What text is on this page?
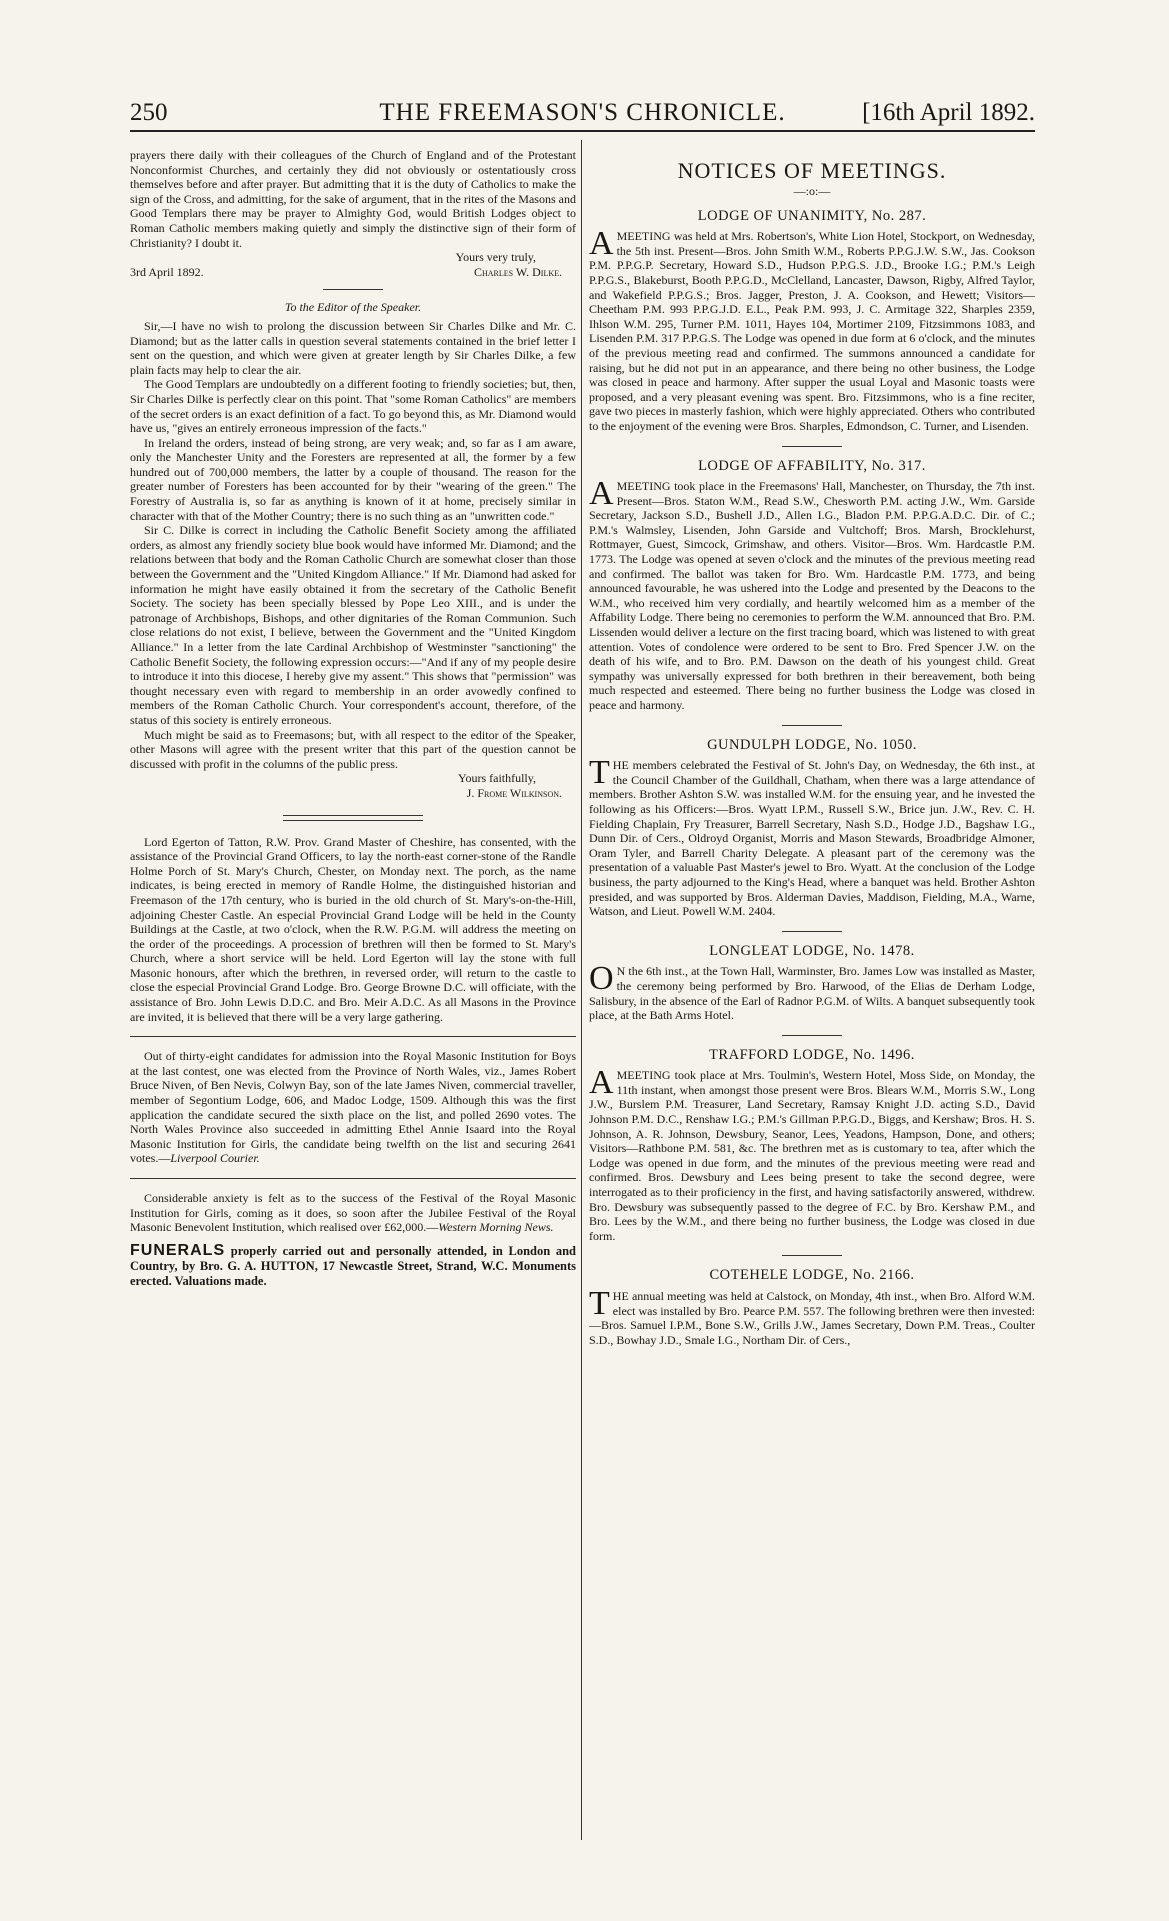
250	THE FREEMASON'S CHRONICLE.	[16th April 1892.

prayers there daily with their colleagues of the Church of England and of the Protestant Nonconformist Churches, and certainly they did not obviously or ostentatiously cross themselves before and after prayer. But admitting that it is the duty of Catholics to make the sign of the Cross, and admitting, for the sake of argument, that in the rites of the Masons and Good Templars there may be prayer to Almighty God, would British Lodges object to Roman Catholic members making quietly and simply the distinctive sign of their form of Christianity? I doubt it.

Yours very truly,

3rd April 1892.	Charles W. Dilke.

To the Editor of the Speaker.

Sir,—I have no wish to prolong the discussion between Sir Charles Dilke and Mr. C. Diamond; but as the latter calls in question several statements contained in the brief letter I sent on the question, and which were given at greater length by Sir Charles Dilke, a few plain facts may help to clear the air.

The Good Templars are undoubtedly on a different footing to friendly societies; but, then, Sir Charles Dilke is perfectly clear on this point. That "some Roman Catholics" are members of the secret orders is an exact definition of a fact. To go beyond this, as Mr. Diamond would have us, "gives an entirely erroneous impression of the facts."

In Ireland the orders, instead of being strong, are very weak; and, so far as I am aware, only the Manchester Unity and the Foresters are represented at all, the former by a few hundred out of 700,000 members, the latter by a couple of thousand. The reason for the greater number of Foresters has been accounted for by their "wearing of the green." The Forestry of Australia is, so far as anything is known of it at home, precisely similar in character with that of the Mother Country; there is no such thing as an "unwritten code."

Sir C. Dilke is correct in including the Catholic Benefit Society among the affiliated orders, as almost any friendly society blue book would have informed Mr. Diamond; and the relations between that body and the Roman Catholic Church are somewhat closer than those between the Government and the "United Kingdom Alliance." If Mr. Diamond had asked for information he might have easily obtained it from the secretary of the Catholic Benefit Society. The society has been specially blessed by Pope Leo XIII., and is under the patronage of Archbishops, Bishops, and other dignitaries of the Roman Communion. Such close relations do not exist, I believe, between the Government and the "United Kingdom Alliance." In a letter from the late Cardinal Archbishop of Westminster "sanctioning" the Catholic Benefit Society, the following expression occurs:—"And if any of my people desire to introduce it into this diocese, I hereby give my assent." This shows that "permission" was thought necessary even with regard to membership in an order avowedly confined to members of the Roman Catholic Church. Your correspondent's account, therefore, of the status of this society is entirely erroneous.

Much might be said as to Freemasons; but, with all respect to the editor of the Speaker, other Masons will agree with the present writer that this part of the question cannot be discussed with profit in the columns of the public press.

Yours faithfully,

J. Frome Wilkinson.

Lord Egerton of Tatton, R.W. Prov. Grand Master of Cheshire, has consented, with the assistance of the Provincial Grand Officers, to lay the north-east corner-stone of the Randle Holme Porch of St. Mary's Church, Chester, on Monday next. The porch, as the name indicates, is being erected in memory of Randle Holme, the distinguished historian and Freemason of the 17th century, who is buried in the old church of St. Mary's-on-the-Hill, adjoining Chester Castle. An especial Provincial Grand Lodge will be held in the County Buildings at the Castle, at two o'clock, when the R.W. P.G.M. will address the meeting on the order of the proceedings. A procession of brethren will then be formed to St. Mary's Church, where a short service will be held. Lord Egerton will lay the stone with full Masonic honours, after which the brethren, in reversed order, will return to the castle to close the especial Provincial Grand Lodge. Bro. George Browne D.C. will officiate, with the assistance of Bro. John Lewis D.D.C. and Bro. Meir A.D.C. As all Masons in the Province are invited, it is believed that there will be a very large gathering.

Out of thirty-eight candidates for admission into the Royal Masonic Institution for Boys at the last contest, one was elected from the Province of North Wales, viz., James Robert Bruce Niven, of Ben Nevis, Colwyn Bay, son of the late James Niven, commercial traveller, member of Segontium Lodge, 606, and Madoc Lodge, 1509. Although this was the first application the candidate secured the sixth place on the list, and polled 2690 votes. The North Wales Province also succeeded in admitting Ethel Annie Isaard into the Royal Masonic Institution for Girls, the candidate being twelfth on the list and securing 2641 votes.—Liverpool Courier.

Considerable anxiety is felt as to the success of the Festival of the Royal Masonic Institution for Girls, coming as it does, so soon after the Jubilee Festival of the Royal Masonic Benevolent Institution, which realised over £62,000.—Western Morning News.

FUNERALS properly carried out and personally attended, in London and Country, by Bro. G. A. HUTTON, 17 Newcastle Street, Strand, W.C. Monuments erected. Valuations made.

NOTICES OF MEETINGS.
—:o:—
LODGE OF UNANIMITY, No. 287.

A MEETING was held at Mrs. Robertson's, White Lion Hotel, Stockport, on Wednesday, the 5th inst. Present—Bros. John Smith W.M., Roberts P.P.G.J.W. S.W., Jas. Cookson P.M. P.P.G.P. Secretary, Howard S.D., Hudson P.P.G.S. J.D., Brooke I.G.; P.M.'s Leigh P.P.G.S., Blakeburst, Booth P.P.G.D., McClelland, Lancaster, Dawson, Rigby, Alfred Taylor, and Wakefield P.P.G.S.; Bros. Jagger, Preston, J. A. Cookson, and Hewett; Visitors—Cheetham P.M. 993 P.P.G.J.D. E.L., Peak P.M. 993, J. C. Armitage 322, Sharples 2359, Ihlson W.M. 295, Turner P.M. 1011, Hayes 104, Mortimer 2109, Fitzsimmons 1083, and Lisenden P.M. 317 P.P.G.S. The Lodge was opened in due form at 6 o'clock, and the minutes of the previous meeting read and confirmed. The summons announced a candidate for raising, but he did not put in an appearance, and there being no other business, the Lodge was closed in peace and harmony. After supper the usual Loyal and Masonic toasts were proposed, and a very pleasant evening was spent. Bro. Fitzsimmons, who is a fine reciter, gave two pieces in masterly fashion, which were highly appreciated. Others who contributed to the enjoyment of the evening were Bros. Sharples, Edmondson, C. Turner, and Lisenden.

LODGE OF AFFABILITY, No. 317.

A MEETING took place in the Freemasons' Hall, Manchester, on Thursday, the 7th inst. Present—Bros. Staton W.M., Read S.W., Chesworth P.M. acting J.W., Wm. Garside Secretary, Jackson S.D., Bushell J.D., Allen I.G., Bladon P.M. P.P.G.A.D.C. Dir. of C.; P.M.'s Walmsley, Lisenden, John Garside and Vultchoff; Bros. Marsh, Brocklehurst, Rottmayer, Guest, Simcock, Grimshaw, and others. Visitor—Bros. Wm. Hardcastle P.M. 1773. The Lodge was opened at seven o'clock and the minutes of the previous meeting read and confirmed. The ballot was taken for Bro. Wm. Hardcastle P.M. 1773, and being announced favourable, he was ushered into the Lodge and presented by the Deacons to the W.M., who received him very cordially, and heartily welcomed him as a member of the Affability Lodge. There being no ceremonies to perform the W.M. announced that Bro. P.M. Lissenden would deliver a lecture on the first tracing board, which was listened to with great attention. Votes of condolence were ordered to be sent to Bro. Fred Spencer J.W. on the death of his wife, and to Bro. P.M. Dawson on the death of his youngest child. Great sympathy was universally expressed for both brethren in their bereavement, both being much respected and esteemed. There being no further business the Lodge was closed in peace and harmony.

GUNDULPH LODGE, No. 1050.

THE members celebrated the Festival of St. John's Day, on Wednesday, the 6th inst., at the Council Chamber of the Guildhall, Chatham, when there was a large attendance of members. Brother Ashton S.W. was installed W.M. for the ensuing year, and he invested the following as his Officers:—Bros. Wyatt I.P.M., Russell S.W., Brice jun. J.W., Rev. C. H. Fielding Chaplain, Fry Treasurer, Barrell Secretary, Nash S.D., Hodge J.D., Bagshaw I.G., Dunn Dir. of Cers., Oldroyd Organist, Morris and Mason Stewards, Broadbridge Almoner, Oram Tyler, and Barrell Charity Delegate. A pleasant part of the ceremony was the presentation of a valuable Past Master's jewel to Bro. Wyatt. At the conclusion of the Lodge business, the party adjourned to the King's Head, where a banquet was held. Brother Ashton presided, and was supported by Bros. Alderman Davies, Maddison, Fielding, M.A., Warne, Watson, and Lieut. Powell W.M. 2404.

LONGLEAT LODGE, No. 1478.

O N the 6th inst., at the Town Hall, Warminster, Bro. James Low was installed as Master, the ceremony being performed by Bro. Harwood, of the Elias de Derham Lodge, Salisbury, in the absence of the Earl of Radnor P.G.M. of Wilts. A banquet subsequently took place, at the Bath Arms Hotel.

TRAFFORD LODGE, No. 1496.

A MEETING took place at Mrs. Toulmin's, Western Hotel, Moss Side, on Monday, the 11th instant, when amongst those present were Bros. Blears W.M., Morris S.W., Long J.W., Burslem P.M. Treasurer, Land Secretary, Ramsay Knight J.D. acting S.D., David Johnson P.M. D.C., Renshaw I.G.; P.M.'s Gillman P.P.G.D., Biggs, and Kershaw; Bros. H. S. Johnson, A. R. Johnson, Dewsbury, Seanor, Lees, Yeadons, Hampson, Done, and others; Visitors—Rathbone P.M. 581, &c. The brethren met as is customary to tea, after which the Lodge was opened in due form, and the minutes of the previous meeting were read and confirmed. Bros. Dewsbury and Lees being present to take the second degree, were interrogated as to their proficiency in the first, and having satisfactorily answered, withdrew. Bro. Dewsbury was subsequently passed to the degree of F.C. by Bro. Kershaw P.M., and Bro. Lees by the W.M., and there being no further business, the Lodge was closed in due form.

COTEHELE LODGE, No. 2166.

THE annual meeting was held at Calstock, on Monday, 4th inst., when Bro. Alford W.M. elect was installed by Bro. Pearce P.M. 557. The following brethren were then invested:—Bros. Samuel I.P.M., Bone S.W., Grills J.W., James Secretary, Down P.M. Treas., Coulter S.D., Bowhay J.D., Smale I.G., Northam Dir. of Cers.,
